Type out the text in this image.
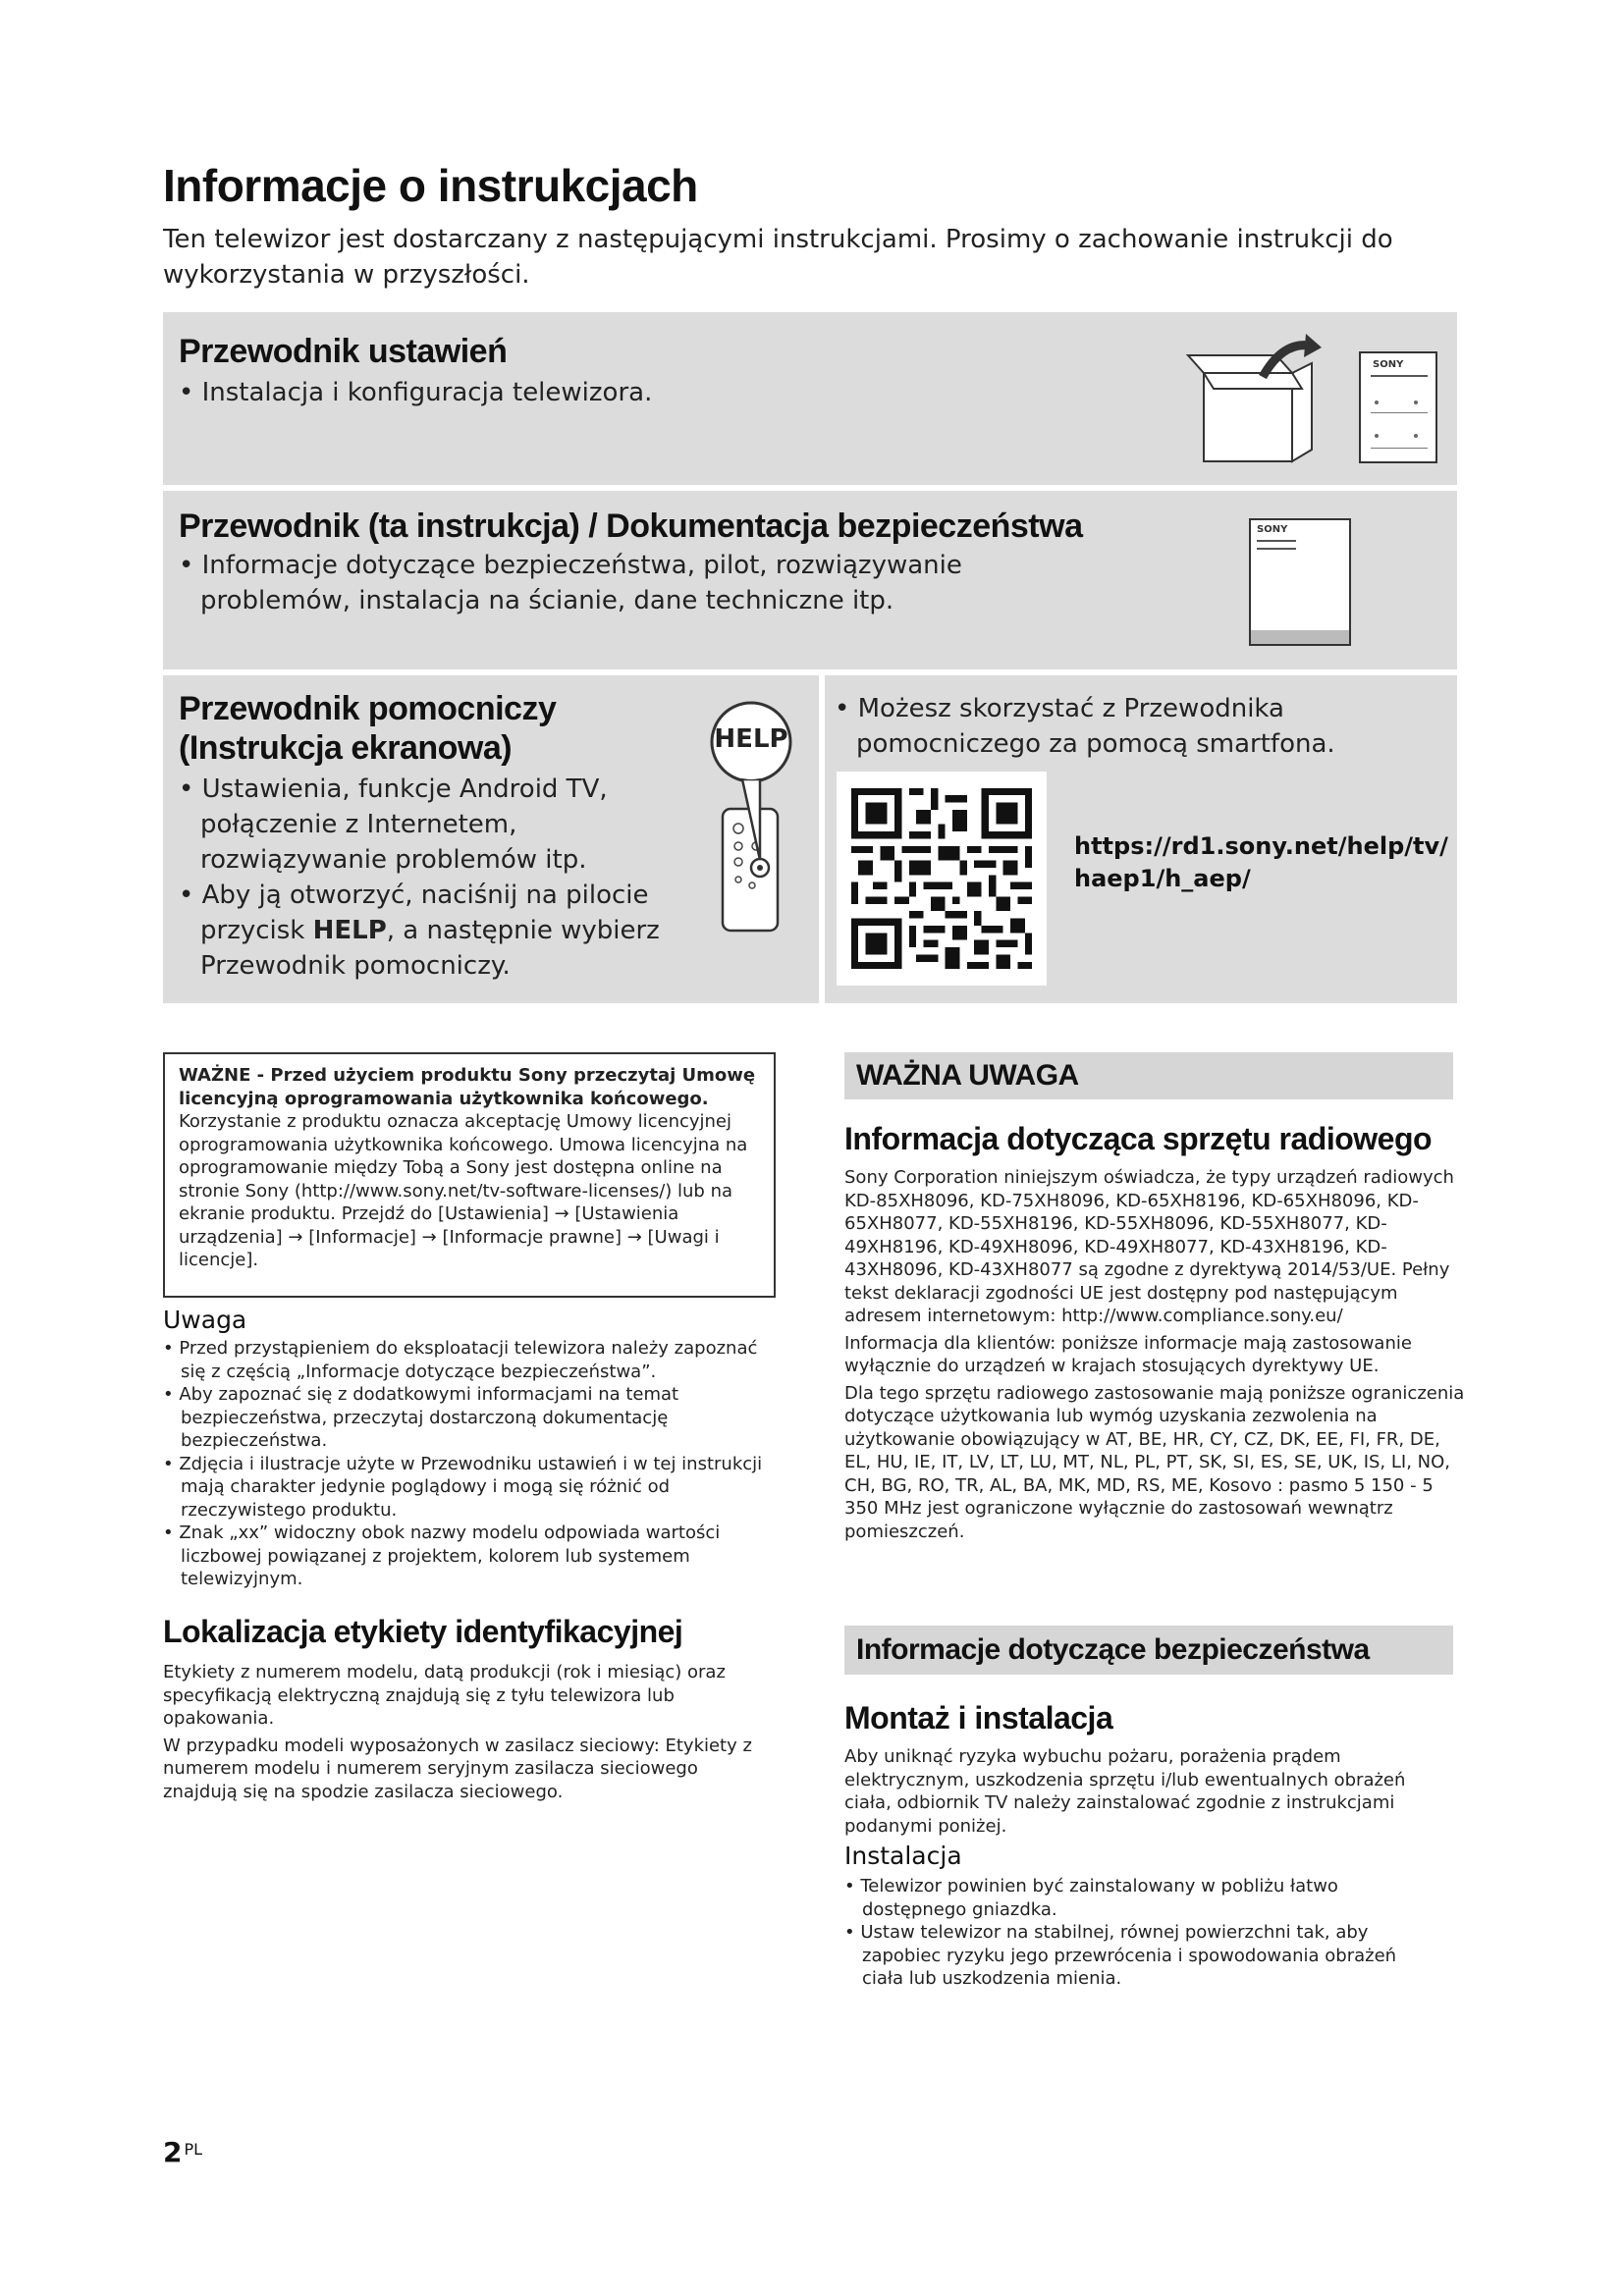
Informacje o instrukcjach

Ten telewizor jest dostarczany z następującymi instrukcjami. Prosimy o zachowanie instrukcji do wykorzystania w przyszłości.

Przewodnik ustawień
• Instalacja i konfiguracja telewizora.
SONY
Przewodnik (ta instrukcja) / Dokumentacja bezpieczeństwa
• Informacje dotyczące bezpieczeństwa, pilot, rozwiązywanie problemów, instalacja na ścianie, dane techniczne itp.
SONY
Przewodnik pomocniczy (Instrukcja ekranowa)
• Ustawienia, funkcje Android TV, połączenie z Internetem, rozwiązywanie problemów itp.
• Aby ją otworzyć, naciśnij na pilocie przycisk HELP, a następnie wybierz Przewodnik pomocniczy.
HELP
• Możesz skorzystać z Przewodnika pomocniczego za pomocą smartfona.
https://rd1.sony.net/help/tv/ haep1/h_aep/
WAŻNE - Przed użyciem produktu Sony przeczytaj Umowę licencyjną oprogramowania użytkownika końcowego.
Korzystanie z produktu oznacza akceptację Umowy licencyjnej oprogramowania użytkownika końcowego. Umowa licencyjna na oprogramowanie między Tobą a Sony jest dostępna online na stronie Sony (http://www.sony.net/tv-software-licenses/) lub na ekranie produktu. Przejdź do [Ustawienia] → [Ustawienia urządzenia] → [Informacje] → [Informacje prawne] → [Uwagi i licencje].
Uwaga
• Przed przystąpieniem do eksploatacji telewizora należy zapoznać się z częścią „Informacje dotyczące bezpieczeństwa”.
• Aby zapoznać się z dodatkowymi informacjami na temat bezpieczeństwa, przeczytaj dostarczoną dokumentację bezpieczeństwa.
• Zdjęcia i ilustracje użyte w Przewodniku ustawień i w tej instrukcji mają charakter jedynie poglądowy i mogą się różnić od rzeczywistego produktu.
• Znak „xx” widoczny obok nazwy modelu odpowiada wartości liczbowej powiązanej z projektem, kolorem lub systemem telewizyjnym.
Lokalizacja etykiety identyfikacyjnej
Etykiety z numerem modelu, datą produkcji (rok i miesiąc) oraz specyfikacją elektryczną znajdują się z tyłu telewizora lub opakowania.
W przypadku modeli wyposażonych w zasilacz sieciowy: Etykiety z numerem modelu i numerem seryjnym zasilacza sieciowego znajdują się na spodzie zasilacza sieciowego.
WAŻNA UWAGA
Informacja dotycząca sprzętu radiowego
Sony Corporation niniejszym oświadcza, że typy urządzeń radiowych KD-85XH8096, KD-75XH8096, KD-65XH8196, KD-65XH8096, KD-65XH8077, KD-55XH8196, KD-55XH8096, KD-55XH8077, KD-49XH8196, KD-49XH8096, KD-49XH8077, KD-43XH8196, KD-43XH8096, KD-43XH8077 są zgodne z dyrektywą 2014/53/UE. Pełny tekst deklaracji zgodności UE jest dostępny pod następującym adresem internetowym: http://www.compliance.sony.eu/
Informacja dla klientów: poniższe informacje mają zastosowanie wyłącznie do urządzeń w krajach stosujących dyrektywy UE.
Dla tego sprzętu radiowego zastosowanie mają poniższe ograniczenia dotyczące użytkowania lub wymóg uzyskania zezwolenia na użytkowanie obowiązujący w AT, BE, HR, CY, CZ, DK, EE, FI, FR, DE, EL, HU, IE, IT, LV, LT, LU, MT, NL, PL, PT, SK, SI, ES, SE, UK, IS, LI, NO, CH, BG, RO, TR, AL, BA, MK, MD, RS, ME, Kosovo : pasmo 5 150 - 5 350 MHz jest ograniczone wyłącznie do zastosowań wewnątrz pomieszczeń.
Informacje dotyczące bezpieczeństwa
Montaż i instalacja
Aby uniknąć ryzyka wybuchu pożaru, porażenia prądem elektrycznym, uszkodzenia sprzętu i/lub ewentualnych obrażeń ciała, odbiornik TV należy zainstalować zgodnie z instrukcjami podanymi poniżej.
Instalacja
• Telewizor powinien być zainstalowany w pobliżu łatwo dostępnego gniazdka.
• Ustaw telewizor na stabilnej, równej powierzchni tak, aby zapobiec ryzyku jego przewrócenia i spowodowania obrażeń ciała lub uszkodzenia mienia.
2 $^{PL}$
